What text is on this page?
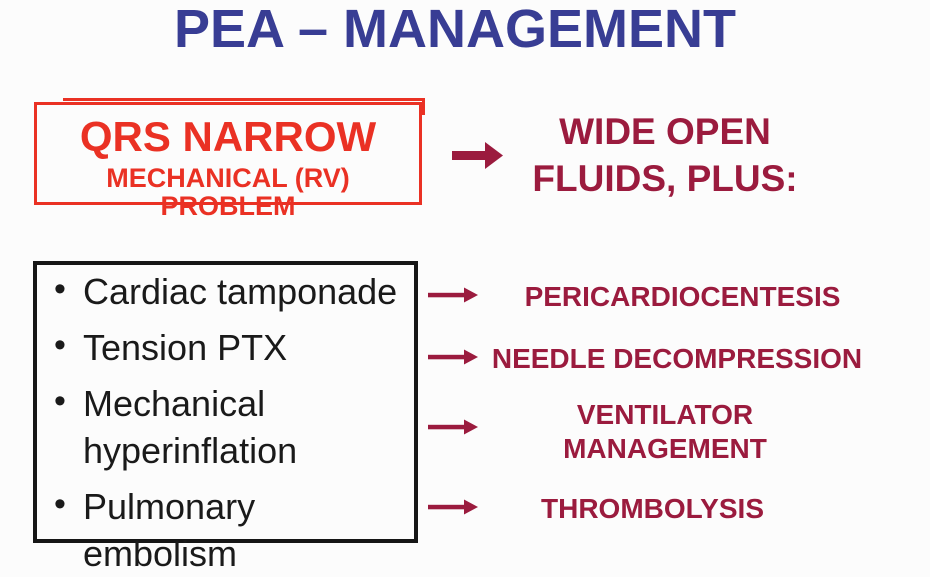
PEA – MANAGEMENT
QRS NARROW
MECHANICAL (RV) PROBLEM
WIDE OPEN
FLUIDS, PLUS:
• Cardiac tamponade
• Tension PTX
• Mechanical hyperinflation
• Pulmonary embolism
PERICARDIOCENTESIS
NEEDLE DECOMPRESSION
VENTILATOR MANAGEMENT
THROMBOLYSIS
